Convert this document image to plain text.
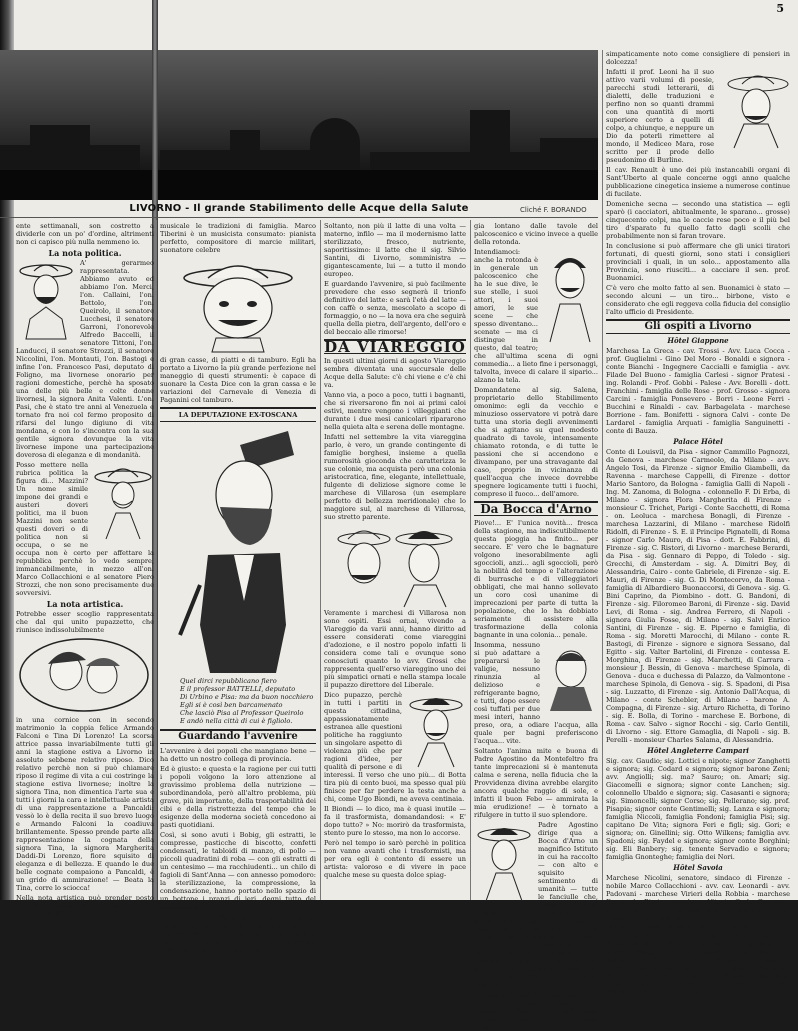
5
LIVORNO - Il grande Stabilimento delle Acque della Salute	Cliché F. BORANDO

ente settimanali, son costretto a dividerle con un po' d'ordine, altrimenti non ci capisco più nulla nemmeno io.

La nota politica.

A' gerarmeo rappresentata. Abbiamo avuto ed abbiamo l'on. Merci, l'on. Callaini, l'on. Bettolo, l'on. Queirolo, il senatore Lucchesi, il senatore Garroni, l'onorevole Alfredo Baccelli, il senatore Tittoni, l'on. Landucci, il senatore Strozzi, il senatore Niccolini, l'on. Montauti, l'on. Bastogi e infine l'on. Francesco Pasi, deputato di Foligno, ma livornese onorario per ragioni domestiche, perchè ha sposato una delle più belle e colte donne livornesi, la signora Anita Valenti. L'on. Pasi, che è stato tre anni al Venezuela e tornato fra noi col fermo proposito di rifarsi del lungo digiuno di vita mondana, e con lo s'incontra con la sua gentile signora dovunque la vita livornese impone una partecipazione doverosa di eleganza e di mondanità.

Posso mettere nella rubrica politica la figura di... Mazzini? Un nome simile impone dei grandi e austeri doveri politici, ma il buon Mazzini non sente questi doveri o di politica non si occupa, o se ne occupa non è certo per affettare la repubblica perchè lo vedo sempre, immancabilmente, in mezzo all'on. Marco Collacchioni e al senatore Piero Strozzi, che non sono precisamente due sovversivi.

La nota artistica.

Potrebbe esser scoglio rappresentata che dal qui unito pupazzetto, che riunisce indissolubilmente

in una cornice con in secondo matrimonio la coppia felice Armando Falconi e Tina Di Lorenzo! La scorsa attrice passa invariabilmente tutti gli anni la stagione estiva a Livorno in assoluto sebbene relativo riposo. Dico relativo perchè non si può chiamare riposo il regime di vita a cui costringe la stagione estiva livornese; inoltre la signora Tina, non dimentica l'arte sua e tutti i giorni la cara e intellettuale artista di una rappresentazione a Pancaldi: vessò lo è della recita il suo brevo luogo e Armando Falconi la coadiuva brillantemente. Spesso prende parte alla rappresentazione la cognata della signora Tina, la signora Margherita Daddi-Di Lorenzo, fiore squisito di eleganza e di bellezza. E quando le due belle cognate compaiono a Pancaldi, è un grido di ammirazione! — Beata la Tina, corre lo sciocca!

Nella nota artistica può prender posto l'amico immenso Mario Tiberini, che continua nell'arte

musicale le tradizioni di famiglia. Marco Tiberini è un musicista consumato: pianista perfetto, compositore di marcie militari, suonatore celebre

di gran casse, di piatti e di tamburo. Egli ha portato a Livorno la più grande perfezione nel maneggio di questi strumenti: è capace di suonare la Cesta Dice con la gran cassa e le variazioni del Carnevale di Venezia di Paganini col tamburo.

LA DEPUTAZIONE EX-TOSCANA

Quel dirci repubblicano fiero

E il professor BATTELLI, deputato

Di Urbino e Pisa: ma da buon nocchiero

Egli si è così ben barcamenato

Che lasciò Pisa al Professor Queirolo

E andò nella città di cui è figliolo.

Guardando l'avvenire

L'avvenire è dei popoli che mangiano bene — ha detto un nostro collega di provincia.

Ed è giusto: e questa e la ragione per cui tutti i popoli volgono la loro attenzione al gravissimo problema della nutrizione — subordinandola, però all'altro problema, più grave, più importante, della trasportabilità dei cibi e della ristrettezza del tempo che le esigenze della moderna società concedono ai pasti quotidiani.

Così, si sono avuti i Bobig, gli estratti, le compresse, pasticche di biscotto, confetti condensati, le tabloidi di manzo, di pollo — piccoli quadratini di roba — con gli estratti di un centesimo — ma racchiudenti... un chilo di fagioli di Sant'Anna — con annesso pomodoro: la sterilizzazione, la compressione, la condensazione, hanno portato nello spazio di un bottone i pranzi di ieri, degni tutto del abbondante.

E il ristorante all'antica, ma però con un piacere da moderatis : si è ristorati al latte — che ha costituito il primo elemento nutritivo dell'uomo — e che l'esperienza ha dimostrato essere ancora l'ideale dei cibi.

Soltanto, non più il latte di una volta — materno, infilo — ma il modernismo latte sterilizzato, fresco, nutriente, saporitissimo: il latte che il sig. Silvio Santini, di Livorno, somministra — gigantescamente, lui — a tutto il mondo europeo.

E guardando l'avvenire, si può facilmente prevedere che esso segnerà il trionfo definitivo del latte: e sarà l'età del latte — con caffè o senza, mescolato a scopo di formaggio, o no — la nova era che seguirà quella della pietra, dell'argento, dell'oro e del beccaio alle rimorse!

DA VIAREGGIO

In questi ultimi giorni di agosto Viareggio sembra diventata una succursale delle Acque della Salute: c'è chi viene e c'è chi va.

Vanno via, a poco a poco, tutti i bagnanti, che si riversarono fin noi ai primi caloi estivi, mentre vengono i villeggianti che durante i due mesi canicolari ripararono nella quieta alta e serena delle montagne.

Infatti nel settembre la vita viareggina parlo, è vero, un grande contingente di famiglie borghesi, insieme a quella rumorosità gioconda che caratterizza le sue colonie, ma acquista però una colonia aristocratica, fine, elegante, intellettuale, fulgente di deliziose signore come le marchese di Villarosa (un esemplare perfetto di bellezza meridionale) che lo maggiore sul, al marchese di Villarosa, suo stretto parente.

Veramente i marchesi di Villarosa non sono ospiti. Essi ornai, vivendo a Viareggio da varii anni, hanno diritto ad essere considerati come viareggini d'adozione, e il nostro popolo infatti li considera come tali e ovunque sono conosciuti quanto lo avv. Grossi che rappresenta quell'erso viareggino uno dei più simpatici ornati e nella stampa locale il pupazzo direttore del Liberale.

Dico pupazzo, perchè in tutti i partiti in questa cittadina, appassionatamente estranea alle questioni politiche ha raggiunto un singolare aspetto di violenza più che per ragioni d'idee, per qualità di persone e di interessi. Il verso che uno più... di Botta tira più di cento buoi, ma spesso qual più finisce per far perdere la testa anche a chi, come Ugo Biondi, ne aveva centinaia.

Il Biondi — lo dico, ma è quasi inutile — fa il trasformista, domandandosi: « E' dopo tutto? » No: morirò da trasformista, stento pure lo stesso, ma non lo accorse.

Però nel tempo io sarò perchè in politica non vanno avanti che i trasformisti, ma per ora egli è contento di essere un artista: valoroso e di vivere in pace qualche mese su questa dolce spiag-

gia lontano dalle tavole del palcoscenico e vicino invece a quelle della rotonda.

Intendiamoci: anche la rotonda è in generale un palcoscenico che ha le sue dive, le sue stelle, i suoi attori, i suoi amori, le sue scene — che spesso diventano... scenate — ma ci distingue in questo, dal teatro; che all'ultima scena di ogni commedia... a lieto fine i personaggi, talvolta, invece di calare il sipario... alzano la tela.

Domandatene al sig. Salena, proprietario dello Stabilimento omonimo: egli da vecchio e minuzioso osservatore vi potrà dare tutta una storia degli avvenimenti che si agitano su quel modesto quadrato di tavole, intensamente chiamato rotonda, e di tutte le passioni che si accendono e divampano, per una stravagante dal caso, proprio in vicinanza di quell'acqua che invece dovrebbe spegnere logicamente tutti i fuochi, compreso il fuoco... dell'amore.

Da Bocca d'Arno

Piove!... E' l'unica novità... fresca della stagione, ma indiscutibilmente questa pioggia ha finito... per seccare. E' vero che le bagnature volgono inesorabilmente agli sgoccioli, anzi... agli sgoccioli, però la nobilità del tempo e l'alterazione di burrasche e di villeggiatori obbligati, che mai hanno sollevato un coro così unanime di imprecazioni per parte di tutta la popolazione, che lo ha dobbiato seriamente di assistere alla trasformazione della colonia bagnante in una colonia... penale.

Insomma, nessuno si può adattare a prepararsi le valigie, nessuno rinunzia al delizioso e refrigerante bagno, e tutti, dopo essere così tuffati per due mesi interi, hanno preso, ora, a odiare l'acqua, alla quale per bagni preferiscono l'acqua... vite.

Soltanto l'anima mite e buona di Padre Agostino da Montefeltro fra tante imprecazioni si è mantenuta calma e serena, nella fiducia che la Provvidenza divina avrebbe elargito ancora qualche raggio di sole, e infatti il buon Febo — ammirata la mia erudizione! — è tornato a rifulgere in tutto il suo splendore.

Padre Agostino dirige qua a Bocca d'Arno un magnifico Istituto in cui ha raccolto — con alto e squisito sentimento di umanità — tutte le fanciulle che, rimaste orfane al mondo, giovinate — senza tetto e senza pane, aspettano tutte le insidie e a tutti i patimenti, e l'opera meravigliosa compiuta da questo modesto frate, di gran cuore e di grande intelletto, è degna della più viva ammirazione, tanto più che oggi si diventa facilmente filantropi anche elargendo la tenue moneta di una lira.

Ho detto di una lira, ma non tutti, anche tutti, ma le donne: per esempio, ne hanno fatto una lire e so la tiene stretta il prof. Giuseppe Leoni,

simpaticamente noto come consigliere di pensieri in dolcezza!

Infatti il prof. Leoni ha il suo attivo varii volumi di poesie, parecchi studi letterarii, di dialetti, delle traduzioni e perfino non so quanti drammi con una quantità di morti superiore certo a quelli di colpo, a chiunque, e neppure un Dio da poterli rimettere al mondo, il Mediceo Mara, rose scritto per il prode dello pseudonimo di Burline.

Il cav. Renault è uno dei più instancabili organi di Sant'Uberto al quale concerne oggi anno qualche pubblicazione cinegetica insieme a numerose continue di fucilate.

Domeniche secna — secondo una statistica — egli sparò (i cacciatori, abitualmente, le sparano... grosse) cinquecento colpi, ma le caccie rese poco e il più bel tiro d'sparato fu quello fatto dagli scolli che probabilmente non si faran trovare.

In conclusione si può affermare che gli unici tiratori fortunati, di questi giorni, sono stati i consiglieri provinciali i quali, in un solo... appostamento alla Provincia, sono riusciti... a cacciare il sen. prof. Buonamici.

C'è vero che molto fatto al sen. Buonamici è stato — secondo alcuni — un tiro... birbone, visto e considerato che egli reggeva colla fiducia del consiglio l'alto ufficio di Presidente.

Gli ospiti a Livorno
Hôtel Giappone

Marchesa La Greca - cav. Trossi - Avv. Luca Cocca - prof. Guglielmi - Gino Del Moro - Bonaldi e signora - conte Bianchi - Ingegnere Caccialli e famiglia - avv. Filade Del Buono - famiglia Carlesi - signor Pratesi - ing. Rolandi - Prof. Gobbi - Palese - Avv. Borelli - dott. Franchini - famiglia delle Rose - prof. Grosso - signora Carcini - famiglia Ponsevero - Borri - Leone Ferri - Bucchini e Rinaldi - cav. Barbagelata - marchese Borrione - fam. Bonifetti - signora Calvi - conte De Lardarel - famiglia Arquati - famiglia Sanguinetti - conte di Bauza.

Palace Hôtel

Conte di Louisvil, da Pisa - signor Cammillo Pagnozzi, da Genova - marchese Carmeolo, da Milano - avv. Angelo Tosi, da Firenze - signor Emilio Giambelli, da Ravenna - marchese Cappelli, di Firenze - dottor Mario Santoro, da Bologna - famiglia Galli di Napoli - Ing. M. Zanoma, di Bologna - colonnello F. Di Erba, di Milano - signora Flora Margherita di Firenze - monsieur C. Trichet, Parigi - Conte Sacchetti, di Roma - on. Leoluca - marchesa Bonagli, di Firenze - marchesa Lazzarini, di Milano - marchese Ridolfi Ridolfi, di Firenze - S. E. il Principe Pignatelli, di Roma - signor Carlo Mauro, di Pisa - dott. E. Fabbrini, di Firenze - sig. C. Ristori, di Livorno - marchese Berardi, da Pisa - sig. Gennaro di Peppo, di Toledo - sig. Grecchi, di Amsterdam - sig. A. Dimitri Bey, di Alessandria, Cairo - conte Gabriele, di Firenze - sig. E. Mauri, di Firenze - sig. G. Di Montecorvo, da Roma - famiglia di Albardiero Buonaccorsi, di Genova - sig. G. Bini Caprino, da Piombino - dott. G. Bandoni, di Firenze - sig. Filoromeo Baroni, di Firenze - sig. David Levi, di Roma - sig. Andrea Ferrero, di Napoli - signora Giulia Fosse, di Milano - sig. Salvi Enrico Santini, di Firenze - sig. E. Piperno e famiglia, di Roma - sig. Moretti Marocchi, di Milano - conte R. Bastogi, di Firenze - signore e signora Sessano, dal Egitto - sig. Valter Bartolini, di Firenze - contessa E. Morghina, di Firenze - sig. Marchetti, di Carrara - monsieur J. Bessin, di Genova - marchese Spinola, di Genova - duca e duchessa di Palazzo, da Valmontone - marchese Spinola, di Genova - sig. S. Spadoni, di Pisa - sig. Luzzatto, di Firenze - sig. Antonio Dall'Acqua, di Milano - conte Schebler, di Milano - barone A. Compagna, di Firenze - sig. Arturo Richetta, di Torino - sig. E. Bolla, di Torino - marchese E. Borbone, di Roma - cav. Salvo - signor Rocchi - sig. Carlo Gentili, di Livorno - sig. Ettore Gamaglia, di Napoli - sig. B. Perelli - monsieur Charles Salama, di Alessandria.

Hôtel Angleterre Campari

Sig. cav. Gaudio; sig. Lottici e nipote; signor Zanghetti e signora; sig. Codard e signora; signor barone Zeni; avv. Angiolli; sig. ma? Sauro; on. Amari; sig. Giacomelli e signora; signor conte Lanchen; sig. colonnello Ubaldo e signora; sig. Casasanti e signora; sig. Simoncelli; signor Corso; sig. Pellerano; sig. prof. Pisapia; signor conte Gentimelli; sig. Lanza e signora; famiglia Niccoli, famiglia Fondoni; famiglia Pisi; sig. capitano De Vita; signora Feri e figli; sig. Gori; e signora; on. Ginellini; sig. Otto Wilkens; famiglia avv. Spadoni; sig. Faydel e signora; signor conte Borghini; sig. Eli Banbery; sig. tenente Servadio e signora; famiglia Gnonteghe; famiglia dei Nori.

Hôtel Savoia

Marchese Nicolini, senatore, sindaco di Firenze - nobile Marco Collacchioni - avv. cav. Leonardi - avv. Padovani - marchese Virieri della Robbia - marchese Emanuele Rimi - marchese Vitorio Carlo Gemma - conte Lazzarini - signora Alberto Mazzini - avv. Castelli - famiglia Vigo - famiglia de Francesco - famiglia Tabasso - Capodi - conte di Bauza.

Sig. Giov. Batt. Lupo e famiglia, di Pistoia - signora Paola Garelli, di Milano - signora Regina Regnoli e signora Balducci, Pirenze - signora Rosina Avuchi e famiglia, di Firenze - signor Pappa e famiglia, di Firenze - signor Gabriele Dante e figlia, di Bologna - dott. Franchi - sig. Rigolotti di Milano - marchese Antonio Gonzaga e famiglia di Firenze - sig. dott. Piaggi e famiglia, di Firenze.
